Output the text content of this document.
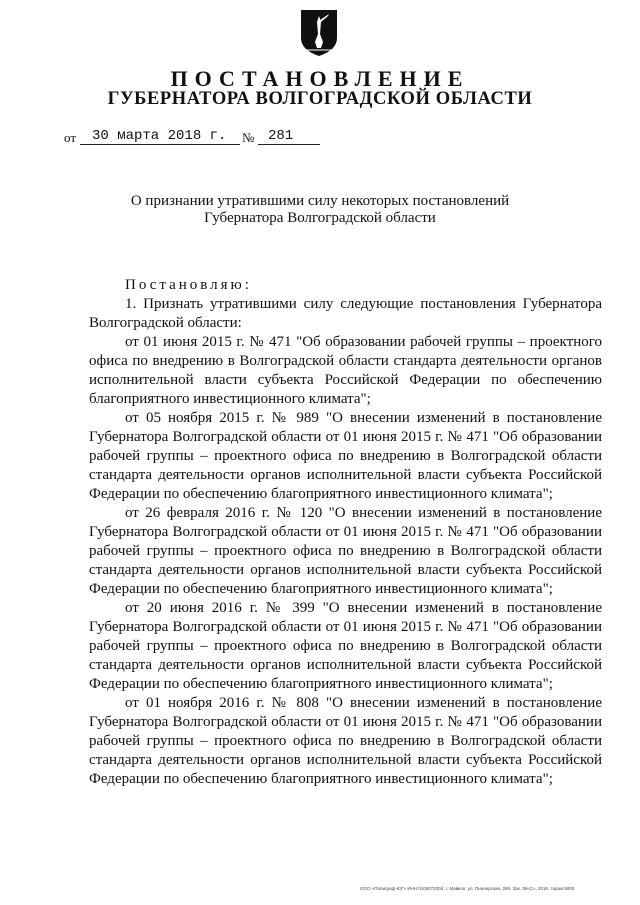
ПОСТАНОВЛЕНИЕ
ГУБЕРНАТОРА ВОЛГОГРАДСКОЙ ОБЛАСТИ
от 30 марта 2018 г. № 281
О признании утратившими силу некоторых постановлений
Губернатора Волгоградской области

Постановляю:

1. Признать утратившими силу следующие постановления Губернатора Волгоградской области:

от 01 июня 2015 г. № 471 "Об образовании рабочей группы – проектного офиса по внедрению в Волгоградской области стандарта деятельности органов исполнительной власти субъекта Российской Федерации по обеспечению благоприятного инвестиционного климата";

от 05 ноября 2015 г. № 989 "О внесении изменений в постановление Губернатора Волгоградской области от 01 июня 2015 г. № 471 "Об образовании рабочей группы – проектного офиса по внедрению в Волгоградской области стандарта деятельности органов исполнительной власти субъекта Российской Федерации по обеспечению благоприятного инвестиционного климата";

от 26 февраля 2016 г. № 120 "О внесении изменений в постановление Губернатора Волгоградской области от 01 июня 2015 г. № 471 "Об образовании рабочей группы – проектного офиса по внедрению в Волгоградской области стандарта деятельности органов исполнительной власти субъекта Российской Федерации по обеспечению благоприятного инвестиционного климата";

от 20 июня 2016 г. № 399 "О внесении изменений в постановление Губернатора Волгоградской области от 01 июня 2015 г. № 471 "Об образовании рабочей группы – проектного офиса по внедрению в Волгоградской области стандарта деятельности органов исполнительной власти субъекта Российской Федерации по обеспечению благоприятного инвестиционного климата";

от 01 ноября 2016 г. № 808 "О внесении изменений в постановление Губернатора Волгоградской области от 01 июня 2015 г. № 471 "Об образовании рабочей группы – проектного офиса по внедрению в Волгоградской области стандарта деятельности органов исполнительной власти субъекта Российской Федерации по обеспечению благоприятного инвестиционного климата";

ООО «Полиграф-ЮГ» ИНН 0105072304, г. Майкоп, ул. Пионерская, 288. Зак. 39«С», 2018, тираж 5000
